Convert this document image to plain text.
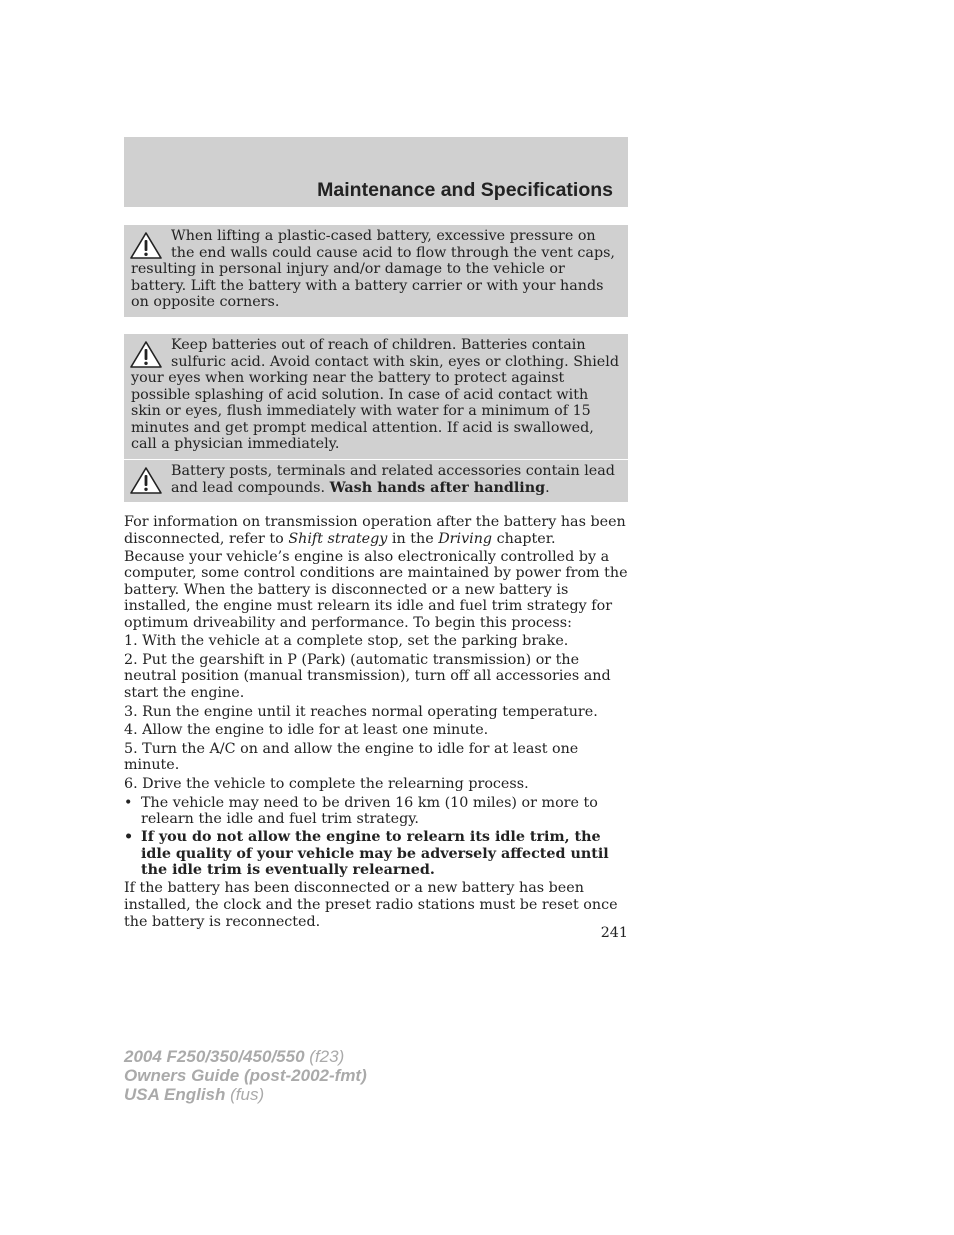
Maintenance and Specifications

When lifting a plastic-cased battery, excessive pressure on the end walls could cause acid to flow through the vent caps, resulting in personal injury and/or damage to the vehicle or battery. Lift the battery with a battery carrier or with your hands on opposite corners.

Keep batteries out of reach of children. Batteries contain sulfuric acid. Avoid contact with skin, eyes or clothing. Shield your eyes when working near the battery to protect against possible splashing of acid solution. In case of acid contact with skin or eyes, flush immediately with water for a minimum of 15 minutes and get prompt medical attention. If acid is swallowed, call a physician immediately.

Battery posts, terminals and related accessories contain lead and lead compounds. Wash hands after handling.

For information on transmission operation after the battery has been disconnected, refer to Shift strategy in the Driving chapter.

Because your vehicle’s engine is also electronically controlled by a computer, some control conditions are maintained by power from the battery. When the battery is disconnected or a new battery is installed, the engine must relearn its idle and fuel trim strategy for optimum driveability and performance. To begin this process:

1. With the vehicle at a complete stop, set the parking brake.
2. Put the gearshift in P (Park) (automatic transmission) or the neutral position (manual transmission), turn off all accessories and start the engine.
3. Run the engine until it reaches normal operating temperature.
4. Allow the engine to idle for at least one minute.
5. Turn the A/C on and allow the engine to idle for at least one minute.
6. Drive the vehicle to complete the relearning process.
• The vehicle may need to be driven 16 km (10 miles) or more to relearn the idle and fuel trim strategy.
• If you do not allow the engine to relearn its idle trim, the idle quality of your vehicle may be adversely affected until the idle trim is eventually relearned.

If the battery has been disconnected or a new battery has been installed, the clock and the preset radio stations must be reset once the battery is reconnected.

241
2004 F250/350/450/550 (f23)
Owners Guide (post-2002-fmt)
USA English (fus)
